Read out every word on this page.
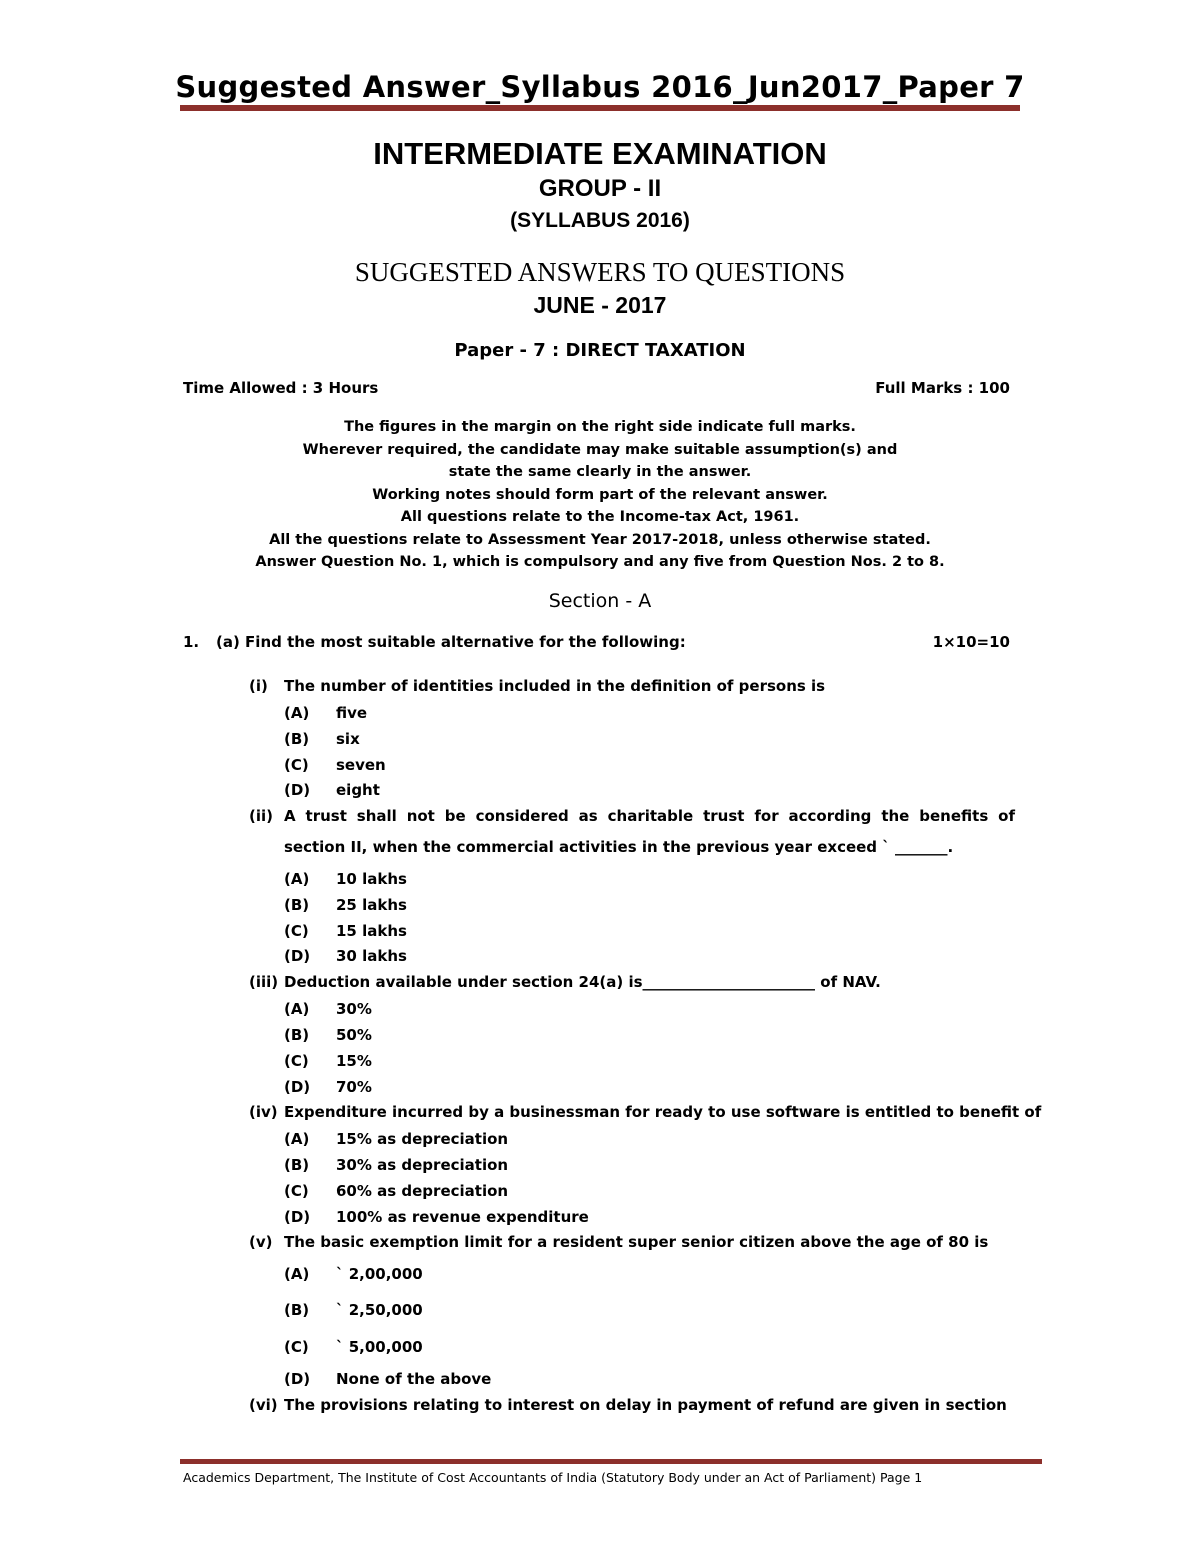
Suggested Answer_Syllabus 2016_Jun2017_Paper 7
INTERMEDIATE EXAMINATION
GROUP - II
(SYLLABUS 2016)
SUGGESTED ANSWERS TO QUESTIONS
JUNE - 2017
Paper - 7 : DIRECT TAXATION
Time Allowed : 3 Hours	Full Marks : 100
The figures in the margin on the right side indicate full marks.
Wherever required, the candidate may make suitable assumption(s) and
state the same clearly in the answer.
Working notes should form part of the relevant answer.
All questions relate to the Income-tax Act, 1961.
All the questions relate to Assessment Year 2017-2018, unless otherwise stated.
Answer Question No. 1, which is compulsory and any five from Question Nos. 2 to 8.
Section - A
1. (a) Find the most suitable alternative for the following:	1×10=10
(i) The number of identities included in the definition of persons is
(A) five
(B) six
(C) seven
(D) eight
(ii) A trust shall not be considered as charitable trust for according the benefits of
section II, when the commercial activities in the previous year exceed ` _______.
(A) 10 lakhs
(B) 25 lakhs
(C) 15 lakhs
(D) 30 lakhs
(iii) Deduction available under section 24(a) is_______________________ of NAV.
(A) 30%
(B) 50%
(C) 15%
(D) 70%
(iv) Expenditure incurred by a businessman for ready to use software is entitled to benefit of
(A) 15% as depreciation
(B) 30% as depreciation
(C) 60% as depreciation
(D) 100% as revenue expenditure
(v) The basic exemption limit for a resident super senior citizen above the age of 80 is
(A) ` 2,00,000
(B) ` 2,50,000
(C) ` 5,00,000
(D) None of the above
(vi) The provisions relating to interest on delay in payment of refund are given in section
Academics Department, The Institute of Cost Accountants of India (Statutory Body under an Act of Parliament) Page 1
